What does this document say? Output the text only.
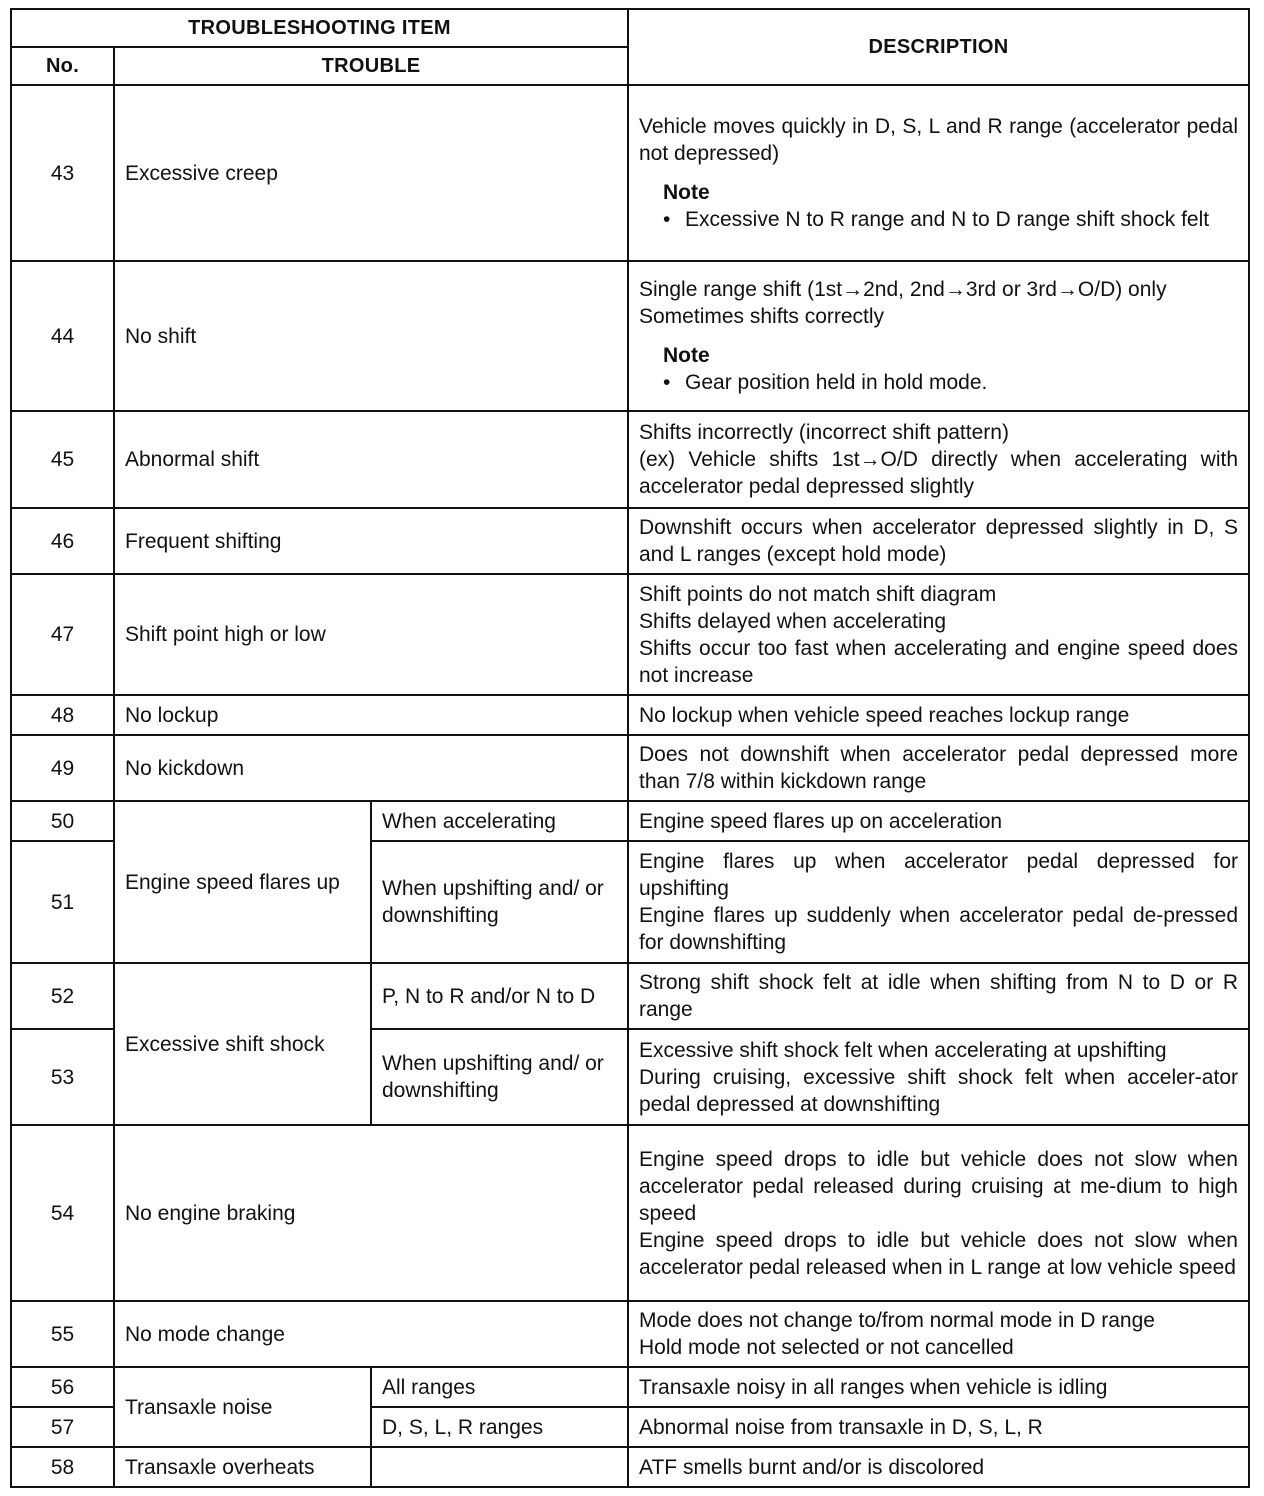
TROUBLESHOOTING ITEM			DESCRIPTION
No.	TROUBLE		
43	Excessive creep		Vehicle moves quickly in D, S, L and R range (accelerator pedal not depressed)
Note
• Excessive N to R range and N to D range shift shock felt

44	No shift		Single range shift (1st→2nd, 2nd→3rd or 3rd→O/D) only
Sometimes shifts correctly
Note
• Gear position held in hold mode.

45	Abnormal shift		Shifts incorrectly (incorrect shift pattern)
(ex) Vehicle shifts 1st→O/D directly when accelerating with accelerator pedal depressed slightly

46	Frequent shifting		Downshift occurs when accelerator depressed slightly in D, S and L ranges (except hold mode)

47	Shift point high or low		Shift points do not match shift diagram
Shifts delayed when accelerating
Shifts occur too fast when accelerating and engine speed does not increase

48	No lockup		No lockup when vehicle speed reaches lockup range

49	No kickdown		Does not downshift when accelerator pedal depressed more than 7/8 within kickdown range

50	Engine speed flares up	When accelerating	Engine speed flares up on acceleration

51		When upshifting and/ or downshifting	Engine flares up when accelerator pedal depressed for upshifting
Engine flares up suddenly when accelerator pedal de-pressed for downshifting

52	Excessive shift shock	P, N to R and/or N to D	Strong shift shock felt at idle when shifting from N to D or R range

53		When upshifting and/ or downshifting	Excessive shift shock felt when accelerating at upshifting
During cruising, excessive shift shock felt when acceler-ator pedal depressed at downshifting

54	No engine braking		Engine speed drops to idle but vehicle does not slow when accelerator pedal released during cruising at me-dium to high speed
Engine speed drops to idle but vehicle does not slow when accelerator pedal released when in L range at low vehicle speed

55	No mode change		Mode does not change to/from normal mode in D range
Hold mode not selected or not cancelled

56	Transaxle noise	All ranges	Transaxle noisy in all ranges when vehicle is idling

57		D, S, L, R ranges	Abnormal noise from transaxle in D, S, L, R

58	Transaxle overheats		ATF smells burnt and/or is discolored
